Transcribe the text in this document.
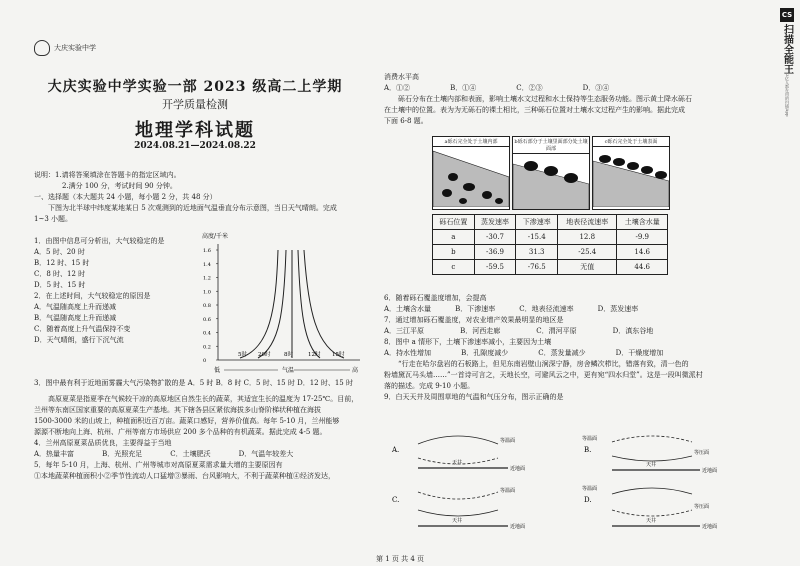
大庆实验中学
大庆实验中学实验一部 2023 级高二上学期
开学质量检测
地理学科试题
2024.08.21—2024.08.22
说明：1.请将答案填涂在答题卡的指定区域内。
2.满分 100 分，考试时间 90 分钟。
一、选择题（本大题共 24 小题，每小题 2 分，共 48 分）
下图为北半球中纬度某地某日 5 次观测到的近地面气温垂直分布示意图，当日天气晴朗。完成
1~3 小题。
1．由图中信息可分析出，大气较稳定的是
A．5 时、20 时
B．12 时、15 时
C．8 时、12 时
D．5 时、15 时
2．在上述时间，大气较稳定的原因是
A．气温随高度上升而递减
B．气温随高度上升而递减
C．随着高度上升气温保持不变
D．天气晴朗，盛行下沉气流
高度/千米
1.6
1.4
1.2
1.0
0.8
0.6
0.4
0.2
0
5时 20时 8时	12时 15时
低	气温	高
3．图中最有利于近地面雾霾大气污染物扩散的是 A．5 时 B．8 时 C．5 时、15 时 D．12 时、15 时
高原夏菜是指夏季在气候较干凉的高原地区自然生长的蔬菜，其适宜生长的温度为 17-25℃。目前，
兰州等东南区国家重要的高原夏菜生产基地。其下辖各县区紧依海拔多山脊阶梯状种植在海拔
1500-3000 米的山坡上，种植面积近百万亩。蔬菜口感好，营养价值高。每年 5-10 月，兰州能够
源源不断地向上海、杭州、广州等南方市场供应 200 多个品种的有机蔬菜。据此完成 4-5 题。
4．兰州高原夏菜品质优良，主要得益于当地
A．热量丰富	B．光照充足	C．土壤肥沃	D．气温年较差大
5．每年 5-10 月，上海、杭州、广州等城市对高原夏菜需求量大增的主要原因有
①本地蔬菜种植面积小②季节性流动人口猛增③暴雨、台风影响大，不利于蔬菜种植④经济发达，
消费水平高
A．①②	B．①④	C．②③	D．③④
砾石分布在土壤内部和表面，影响土壤水文过程和水土保持等生态服务功能。图示黄土降水砾石
在土壤中的位置。表为为无砾石的裸土相比，三种砾石位置对土壤水文过程产生的影响。据此完成
下面 6-8 题。
a砾石完全处于土壤内部	b砾石部分于土壤里面部分处土壤面部
c砾石完全处于土壤表面
砾石位置	蒸发速率	下渗速率	地表径流速率	土壤含水量
a	-30.7	-15.4	12.8	-9.9
b	-36.9	31.3	-25.4	14.6
c	-59.5	-76.5	无值	44.6
6．随着砾石覆盖度增加，会提高
A．土壤含水量	B．下渗速率	C．地表径流速率	D．蒸发速率
7．通过增加砾石覆盖度，对农业增产效果最明显的地区是
A．三江平原	B．河西走廊	C．渭河平原	D．滇东谷地
8．图中 a 情形下，土壤下渗速率减小，主要因为土壤
A．持水性增加	B．孔隙度减少	C．蒸发量减少	D．干燥度增加
“行走在哈尔盘岩的石板路上，但见东南岩壁山涧深宁静，房舍鳞次栉比，错落有致，清一色的
粉墙黛瓦马头墙……”一首诗可言之，天地长空，可避风云之中，更有宛“四水归堂”。这是一段叫微派村
落的描述。完成 9-10 小题。
9．白天天井及周围草地的气温和气压分布，图示正确的是
A.
等温面
天井
近地面
B.
等温面
等压面
天井
近地面
C.
等温面
天井
近地面
D.
等温面
等压面
天井
近地面
CS
扫描全能王
3亿人都在用的扫描App
第 1 页 共 4 页
